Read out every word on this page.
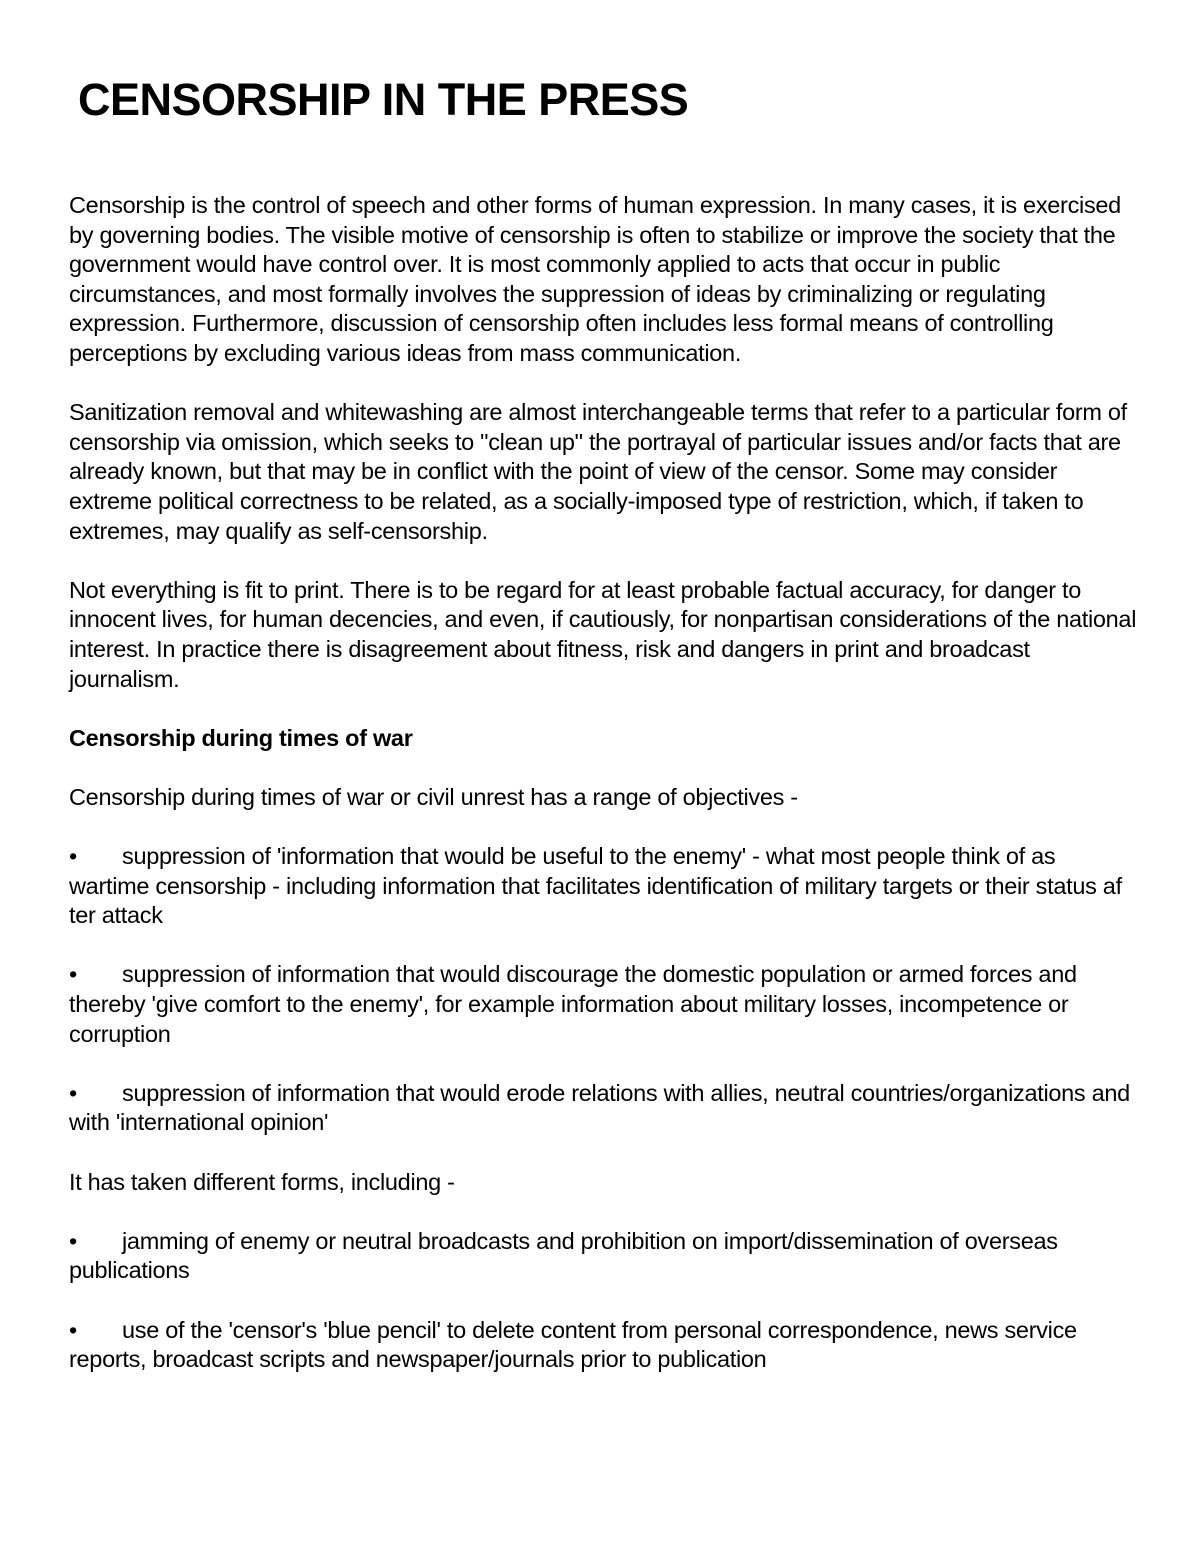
CENSORSHIP IN THE PRESS

Censorship is the control of speech and other forms of human expression. In many cases, it is exercised by governing bodies. The visible motive of censorship is often to stabilize or improve the society that the government would have control over. It is most commonly applied to acts that occur in public circumstances, and most formally involves the suppression of ideas by criminalizing or regulating expression. Furthermore, discussion of censorship often includes less formal means of controlling perceptions by excluding various ideas from mass communication.

Sanitization removal and whitewashing are almost interchangeable terms that refer to a particular form of censorship via omission, which seeks to "clean up" the portrayal of particular issues and/or facts that are already known, but that may be in conflict with the point of view of the censor. Some may consider extreme political correctness to be related, as a socially-imposed type of restriction, which, if taken to extremes, may qualify as self-censorship.

Not everything is fit to print. There is to be regard for at least probable factual accuracy, for danger to innocent lives, for human decencies, and even, if cautiously, for nonpartisan considerations of the national interest. In practice there is disagreement about fitness, risk and dangers in print and broadcast journalism.

Censorship during times of war

Censorship during times of war or civil unrest has a range of objectives -

• suppression of 'information that would be useful to the enemy' - what most people think of as wartime censorship - including information that facilitates identification of military targets or their status af ter attack
• suppression of information that would discourage the domestic population or armed forces and thereby 'give comfort to the enemy', for example information about military losses, incompetence or corruption
• suppression of information that would erode relations with allies, neutral countries/organizations and with 'international opinion'

It has taken different forms, including -

• jamming of enemy or neutral broadcasts and prohibition on import/dissemination of overseas publications
• use of the 'censor's 'blue pencil' to delete content from personal correspondence, news service reports, broadcast scripts and newspaper/journals prior to publication
